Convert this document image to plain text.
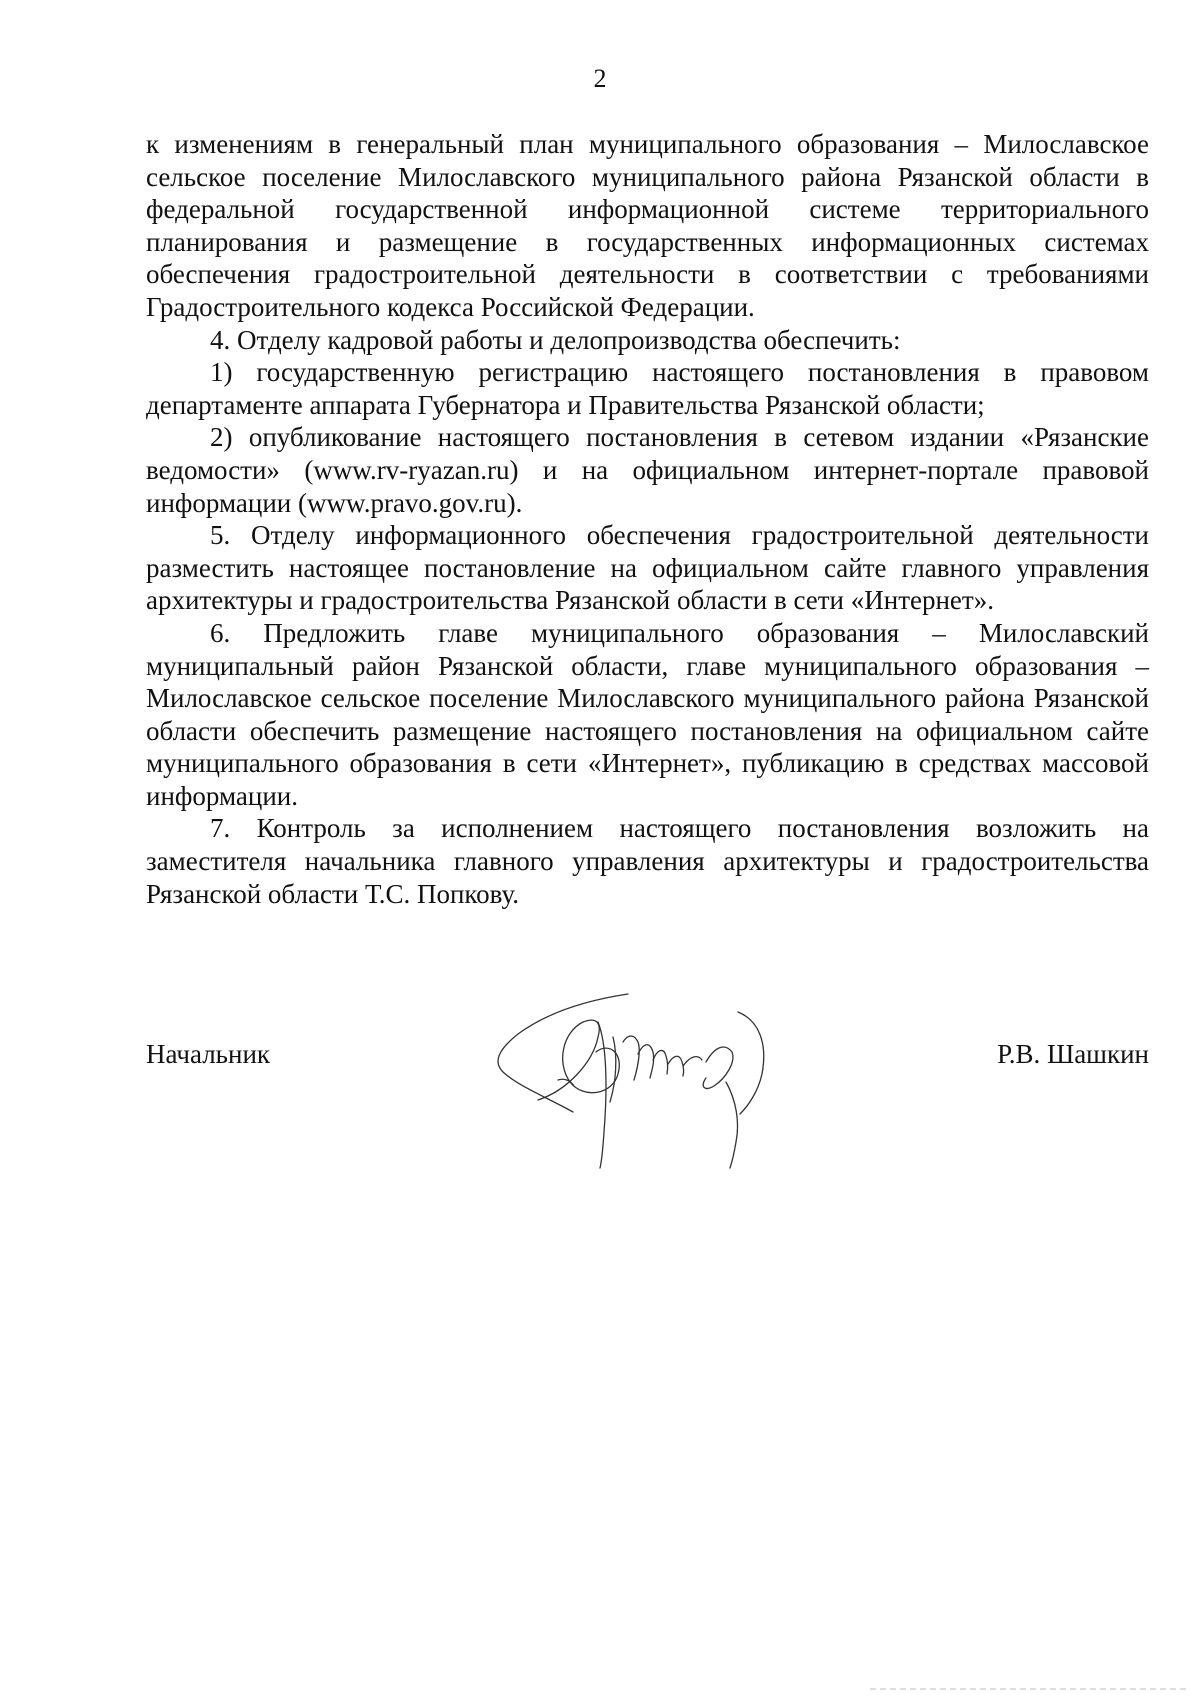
2

к изменениям в генеральный план муниципального образования – Милославское сельское поселение Милославского муниципального района Рязанской области в федеральной государственной информационной системе территориального планирования и размещение в государственных информационных системах обеспечения градостроительной деятельности в соответствии с требованиями Градостроительного кодекса Российской Федерации.

4. Отделу кадровой работы и делопроизводства обеспечить:

1) государственную регистрацию настоящего постановления в правовом департаменте аппарата Губернатора и Правительства Рязанской области;

2) опубликование настоящего постановления в сетевом издании «Рязанские ведомости» (www.rv-ryazan.ru) и на официальном интернет-портале правовой информации (www.pravo.gov.ru).

5. Отделу информационного обеспечения градостроительной деятельности разместить настоящее постановление на официальном сайте главного управления архитектуры и градостроительства Рязанской области в сети «Интернет».

6. Предложить главе муниципального образования – Милославский муниципальный район Рязанской области, главе муниципального образования – Милославское сельское поселение Милославского муниципального района Рязанской области обеспечить размещение настоящего постановления на официальном сайте муниципального образования в сети «Интернет», публикацию в средствах массовой информации.

7. Контроль за исполнением настоящего постановления возложить на заместителя начальника главного управления архитектуры и градостроительства Рязанской области Т.С. Попкову.

Начальник	Р.В. Шашкин
